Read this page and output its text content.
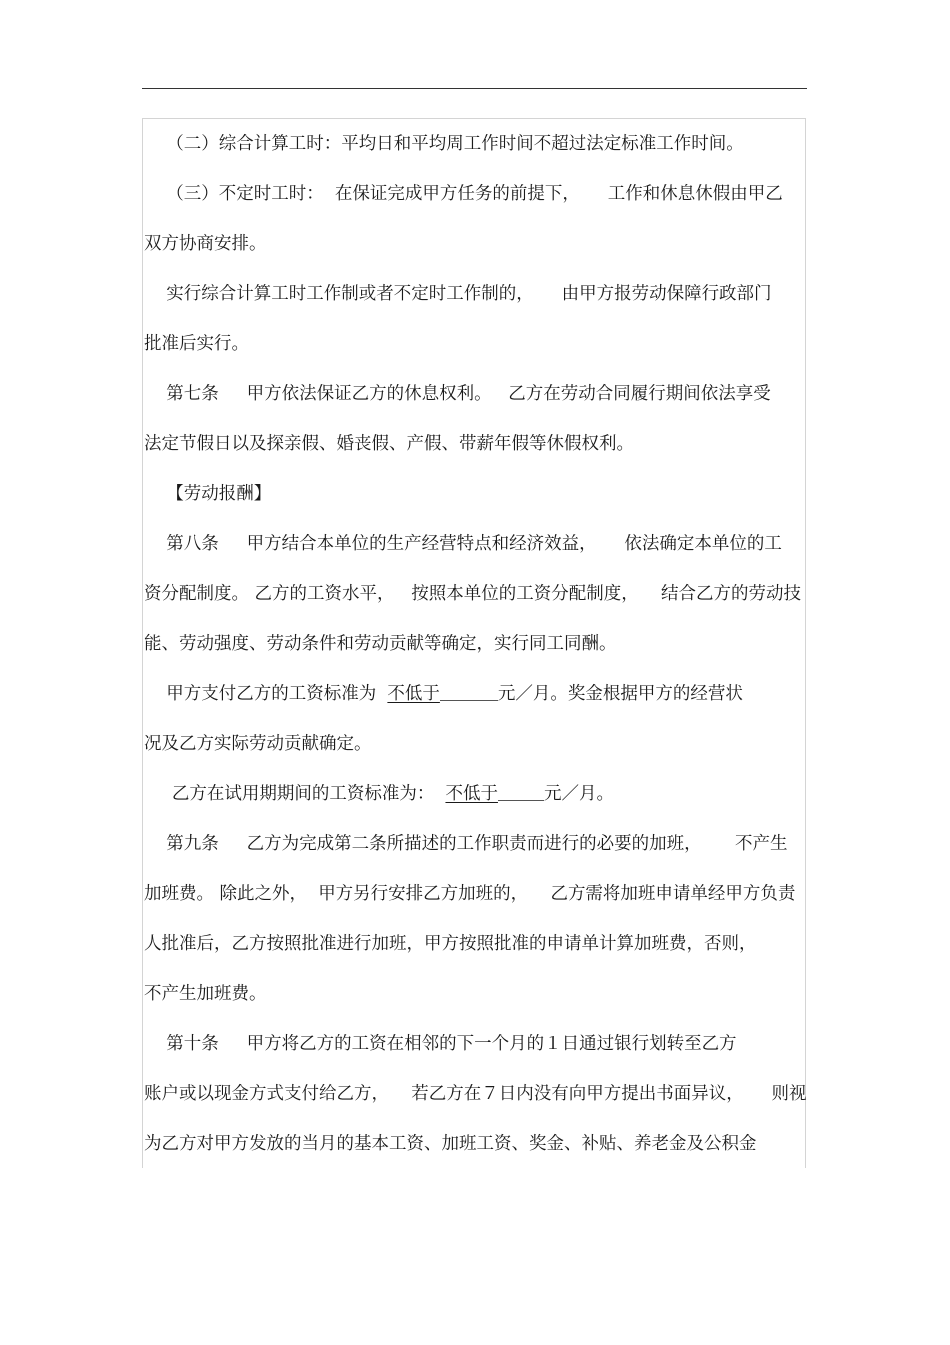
（二）综合计算工时：平均日和平均周工作时间不超过法定标准工作时间。
（三）不定时工时：  在保证完成甲方任务的前提下，     工作和休息休假由甲乙
双方协商安排。
实行综合计算工时工作制或者不定时工作制的，     由甲方报劳动保障行政部门
批准后实行。
第七条     甲方依法保证乙方的休息权利。   乙方在劳动合同履行期间依法享受
法定节假日以及探亲假、婚丧假、产假、带薪年假等休假权利。
【劳动报酬】
第八条     甲方结合本单位的生产经营特点和经济效益，     依法确定本单位的工
资分配制度。 乙方的工资水平，   按照本单位的工资分配制度，    结合乙方的劳动技
能、劳动强度、劳动条件和劳动贡献等确定，实行同工同酬。
甲方支付乙方的工资标准为  不低于	元／月。奖金根据甲方的经营状
况及乙方实际劳动贡献确定。
乙方在试用期期间的工资标准为：  不低于	元／月。
第九条     乙方为完成第二条所描述的工作职责而进行的必要的加班，      不产生
加班费。 除此之外，  甲方另行安排乙方加班的，    乙方需将加班申请单经甲方负责
人批准后，乙方按照批准进行加班，甲方按照批准的申请单计算加班费，否则，
不产生加班费。
第十条     甲方将乙方的工资在相邻的下一个月的１日通过银行划转至乙方
账户或以现金方式支付给乙方，    若乙方在７日内没有向甲方提出书面异议，     则视
为乙方对甲方发放的当月的基本工资、加班工资、奖金、补贴、养老金及公积金
